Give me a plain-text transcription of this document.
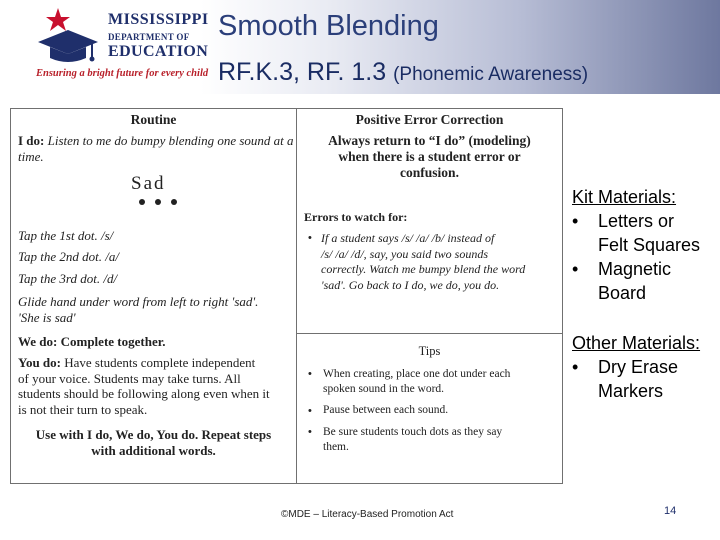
MISSISSIPPI
DEPARTMENT OF
EDUCATION
Ensuring a bright future for every child
Smooth Blending
RF.K.3, RF. 1.3 (Phonemic Awareness)
Routine
I do: Listen to me do bumpy blending one sound at a
time.
Sad
Tap the 1st dot. /s/
Tap the 2nd dot. /a/
Tap the 3rd dot. /d/
Glide hand under word from left to right 'sad'.
'She is sad'
We do: Complete together.
You do: Have students complete independent
of your voice. Students may take turns. All
students should be following along even when it
is not their turn to speak.
Use with I do, We do, You do. Repeat steps
with additional words.
Positive Error Correction
Always return to “I do” (modeling)
when there is a student error or
confusion.
Errors to watch for:
• If a student says /s/ /a/ /b/ instead of
/s/ /a/ /d/, say, you said two sounds
correctly. Watch me bumpy blend the word
'sad'. Go back to I do, we do, you do.
Tips
• When creating, place one dot under each
spoken sound in the word.
• Pause between each sound.
• Be sure students touch dots as they say
them.
Kit Materials:
• Letters or
Felt Squares
• Magnetic
Board
Other Materials:
• Dry Erase
Markers
©MDE – Literacy-Based Promotion Act	14
